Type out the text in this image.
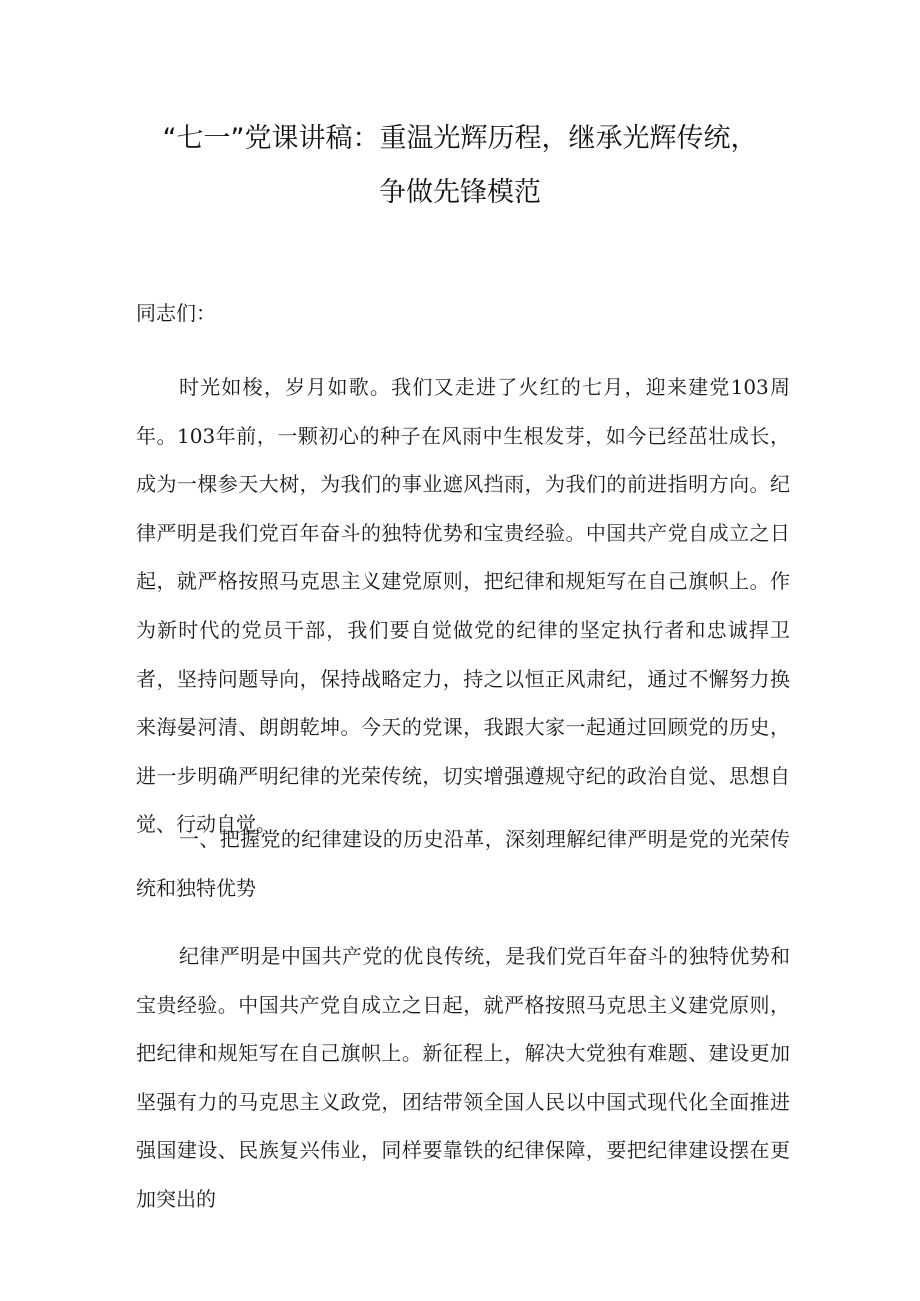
“七一”党课讲稿：重温光辉历程，继承光辉传统，
争做先锋模范

同志们：

时光如梭，岁月如歌。我们又走进了火红的七月，迎来建党103周年。103年前，一颗初心的种子在风雨中生根发芽，如今已经茁壮成长，成为一棵参天大树，为我们的事业遮风挡雨，为我们的前进指明方向。纪律严明是我们党百年奋斗的独特优势和宝贵经验。中国共产党自成立之日起，就严格按照马克思主义建党原则，把纪律和规矩写在自己旗帜上。作为新时代的党员干部，我们要自觉做党的纪律的坚定执行者和忠诚捍卫者，坚持问题导向，保持战略定力，持之以恒正风肃纪，通过不懈努力换来海晏河清、朗朗乾坤。今天的党课，我跟大家一起通过回顾党的历史，进一步明确严明纪律的光荣传统，切实增强遵规守纪的政治自觉、思想自觉、行动自觉。

一、把握党的纪律建设的历史沿革，深刻理解纪律严明是党的光荣传统和独特优势

纪律严明是中国共产党的优良传统，是我们党百年奋斗的独特优势和宝贵经验。中国共产党自成立之日起，就严格按照马克思主义建党原则，把纪律和规矩写在自己旗帜上。新征程上，解决大党独有难题、建设更加坚强有力的马克思主义政党，团结带领全国人民以中国式现代化全面推进强国建设、民族复兴伟业，同样要靠铁的纪律保障，要把纪律建设摆在更加突出的
